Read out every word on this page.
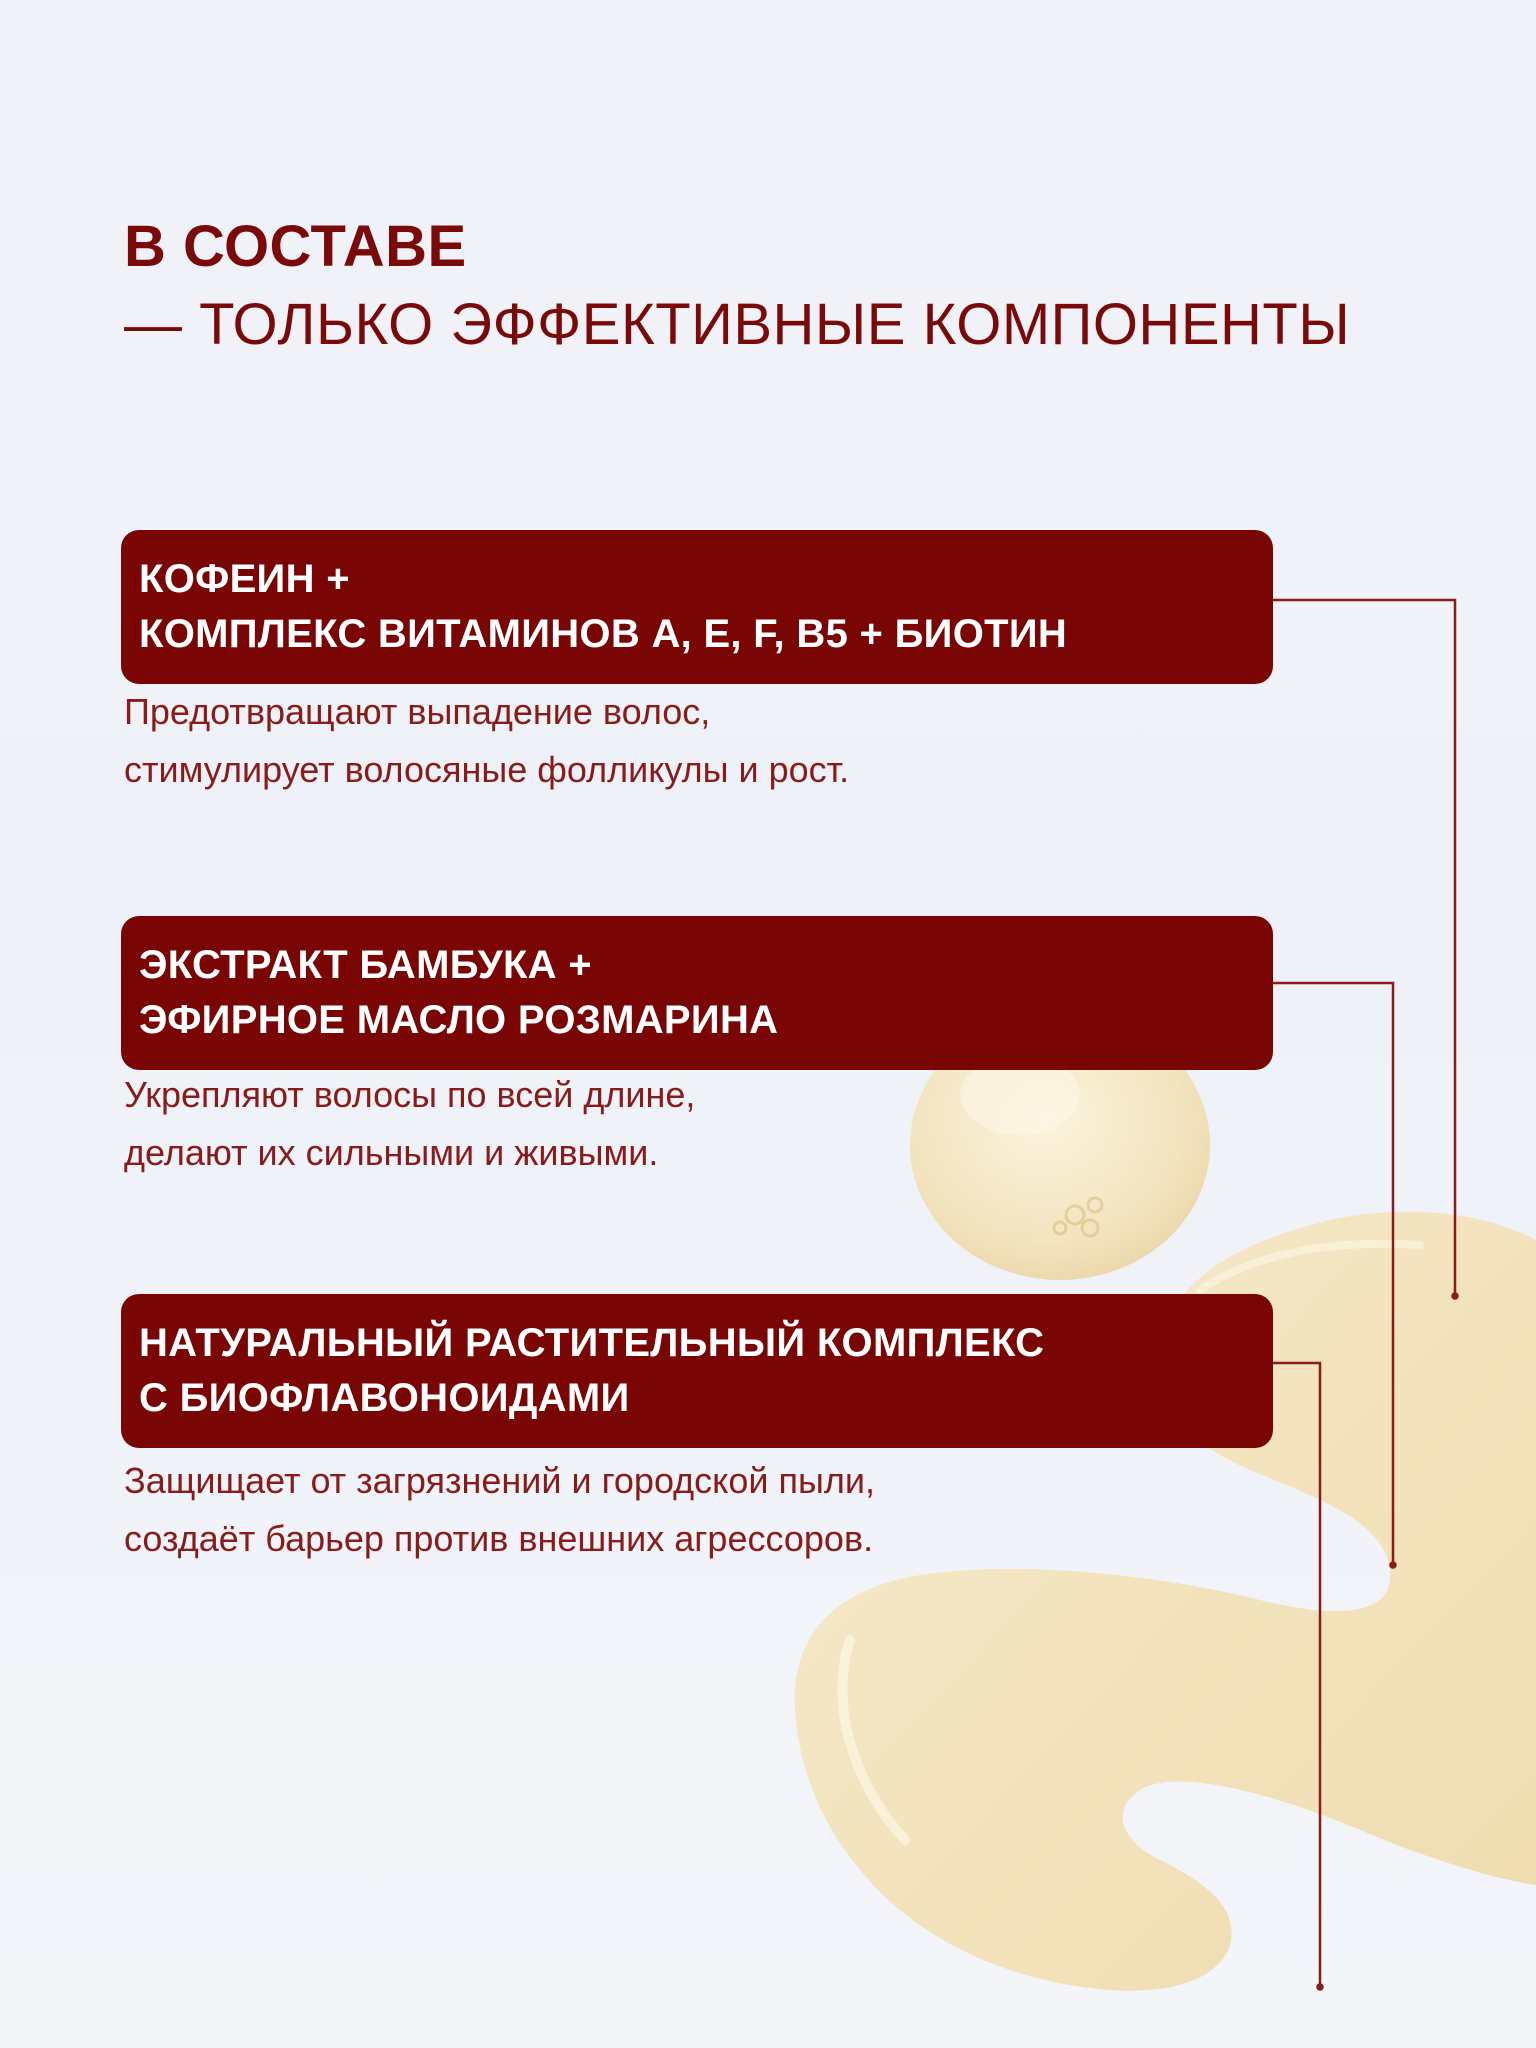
В СОСТАВЕ
— ТОЛЬКО ЭФФЕКТИВНЫЕ КОМПОНЕНТЫ
КОФЕИН +
КОМПЛЕКС ВИТАМИНОВ A, E, F, B5 + БИОТИН
Предотвращают выпадение волос,
стимулирует волосяные фолликулы и рост.
ЭКСТРАКТ БАМБУКА +
ЭФИРНОЕ МАСЛО РОЗМАРИНА
Укрепляют волосы по всей длине,
делают их сильными и живыми.
НАТУРАЛЬНЫЙ РАСТИТЕЛЬНЫЙ КОМПЛЕКС
С БИОФЛАВОНОИДАМИ
Защищает от загрязнений и городской пыли,
создаёт барьер против внешних агрессоров.
